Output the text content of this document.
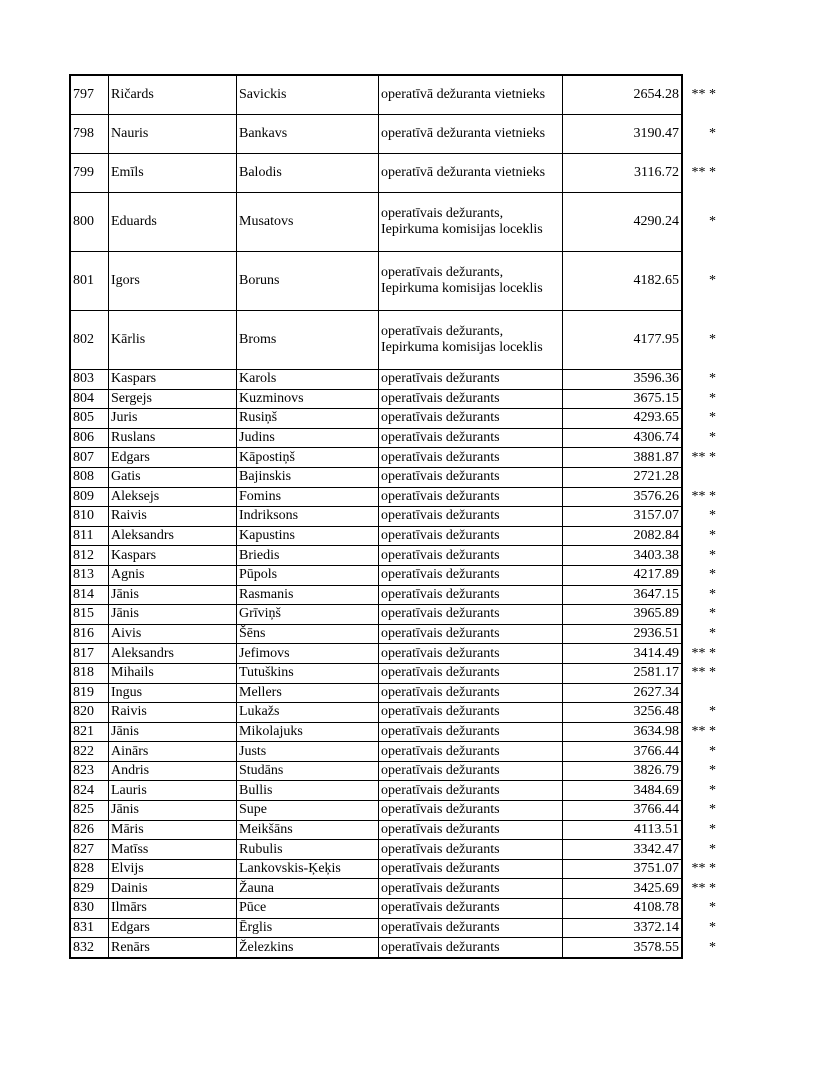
797	Ričards	Savickis	operatīvā dežuranta vietnieks	2654.28	** *
798	Nauris	Bankavs	operatīvā dežuranta vietnieks	3190.47	*
799	Emīls	Balodis	operatīvā dežuranta vietnieks	3116.72	** *
800	Eduards	Musatovs	operatīvais dežurants, Iepirkuma komisijas loceklis	4290.24	*
801	Igors	Boruns	operatīvais dežurants, Iepirkuma komisijas loceklis	4182.65	*
802	Kārlis	Broms	operatīvais dežurants, Iepirkuma komisijas loceklis	4177.95	*
803	Kaspars	Karols	operatīvais dežurants	3596.36	*
804	Sergejs	Kuzminovs	operatīvais dežurants	3675.15	*
805	Juris	Rusiņš	operatīvais dežurants	4293.65	*
806	Ruslans	Judins	operatīvais dežurants	4306.74	*
807	Edgars	Kāpostiņš	operatīvais dežurants	3881.87	** *
808	Gatis	Bajinskis	operatīvais dežurants	2721.28	
809	Aleksejs	Fomins	operatīvais dežurants	3576.26	** *
810	Raivis	Indriksons	operatīvais dežurants	3157.07	*
811	Aleksandrs	Kapustins	operatīvais dežurants	2082.84	*
812	Kaspars	Briedis	operatīvais dežurants	3403.38	*
813	Agnis	Pūpols	operatīvais dežurants	4217.89	*
814	Jānis	Rasmanis	operatīvais dežurants	3647.15	*
815	Jānis	Grīviņš	operatīvais dežurants	3965.89	*
816	Aivis	Šēns	operatīvais dežurants	2936.51	*
817	Aleksandrs	Jefimovs	operatīvais dežurants	3414.49	** *
818	Mihails	Tutuškins	operatīvais dežurants	2581.17	** *
819	Ingus	Mellers	operatīvais dežurants	2627.34	
820	Raivis	Lukažs	operatīvais dežurants	3256.48	*
821	Jānis	Mikolajuks	operatīvais dežurants	3634.98	** *
822	Ainārs	Justs	operatīvais dežurants	3766.44	*
823	Andris	Studāns	operatīvais dežurants	3826.79	*
824	Lauris	Bullis	operatīvais dežurants	3484.69	*
825	Jānis	Supe	operatīvais dežurants	3766.44	*
826	Māris	Meikšāns	operatīvais dežurants	4113.51	*
827	Matīss	Rubulis	operatīvais dežurants	3342.47	*
828	Elvijs	Lankovskis-Ķeķis	operatīvais dežurants	3751.07	** *
829	Dainis	Žauna	operatīvais dežurants	3425.69	** *
830	Ilmārs	Pūce	operatīvais dežurants	4108.78	*
831	Edgars	Ērglis	operatīvais dežurants	3372.14	*
832	Renārs	Železkins	operatīvais dežurants	3578.55	*
